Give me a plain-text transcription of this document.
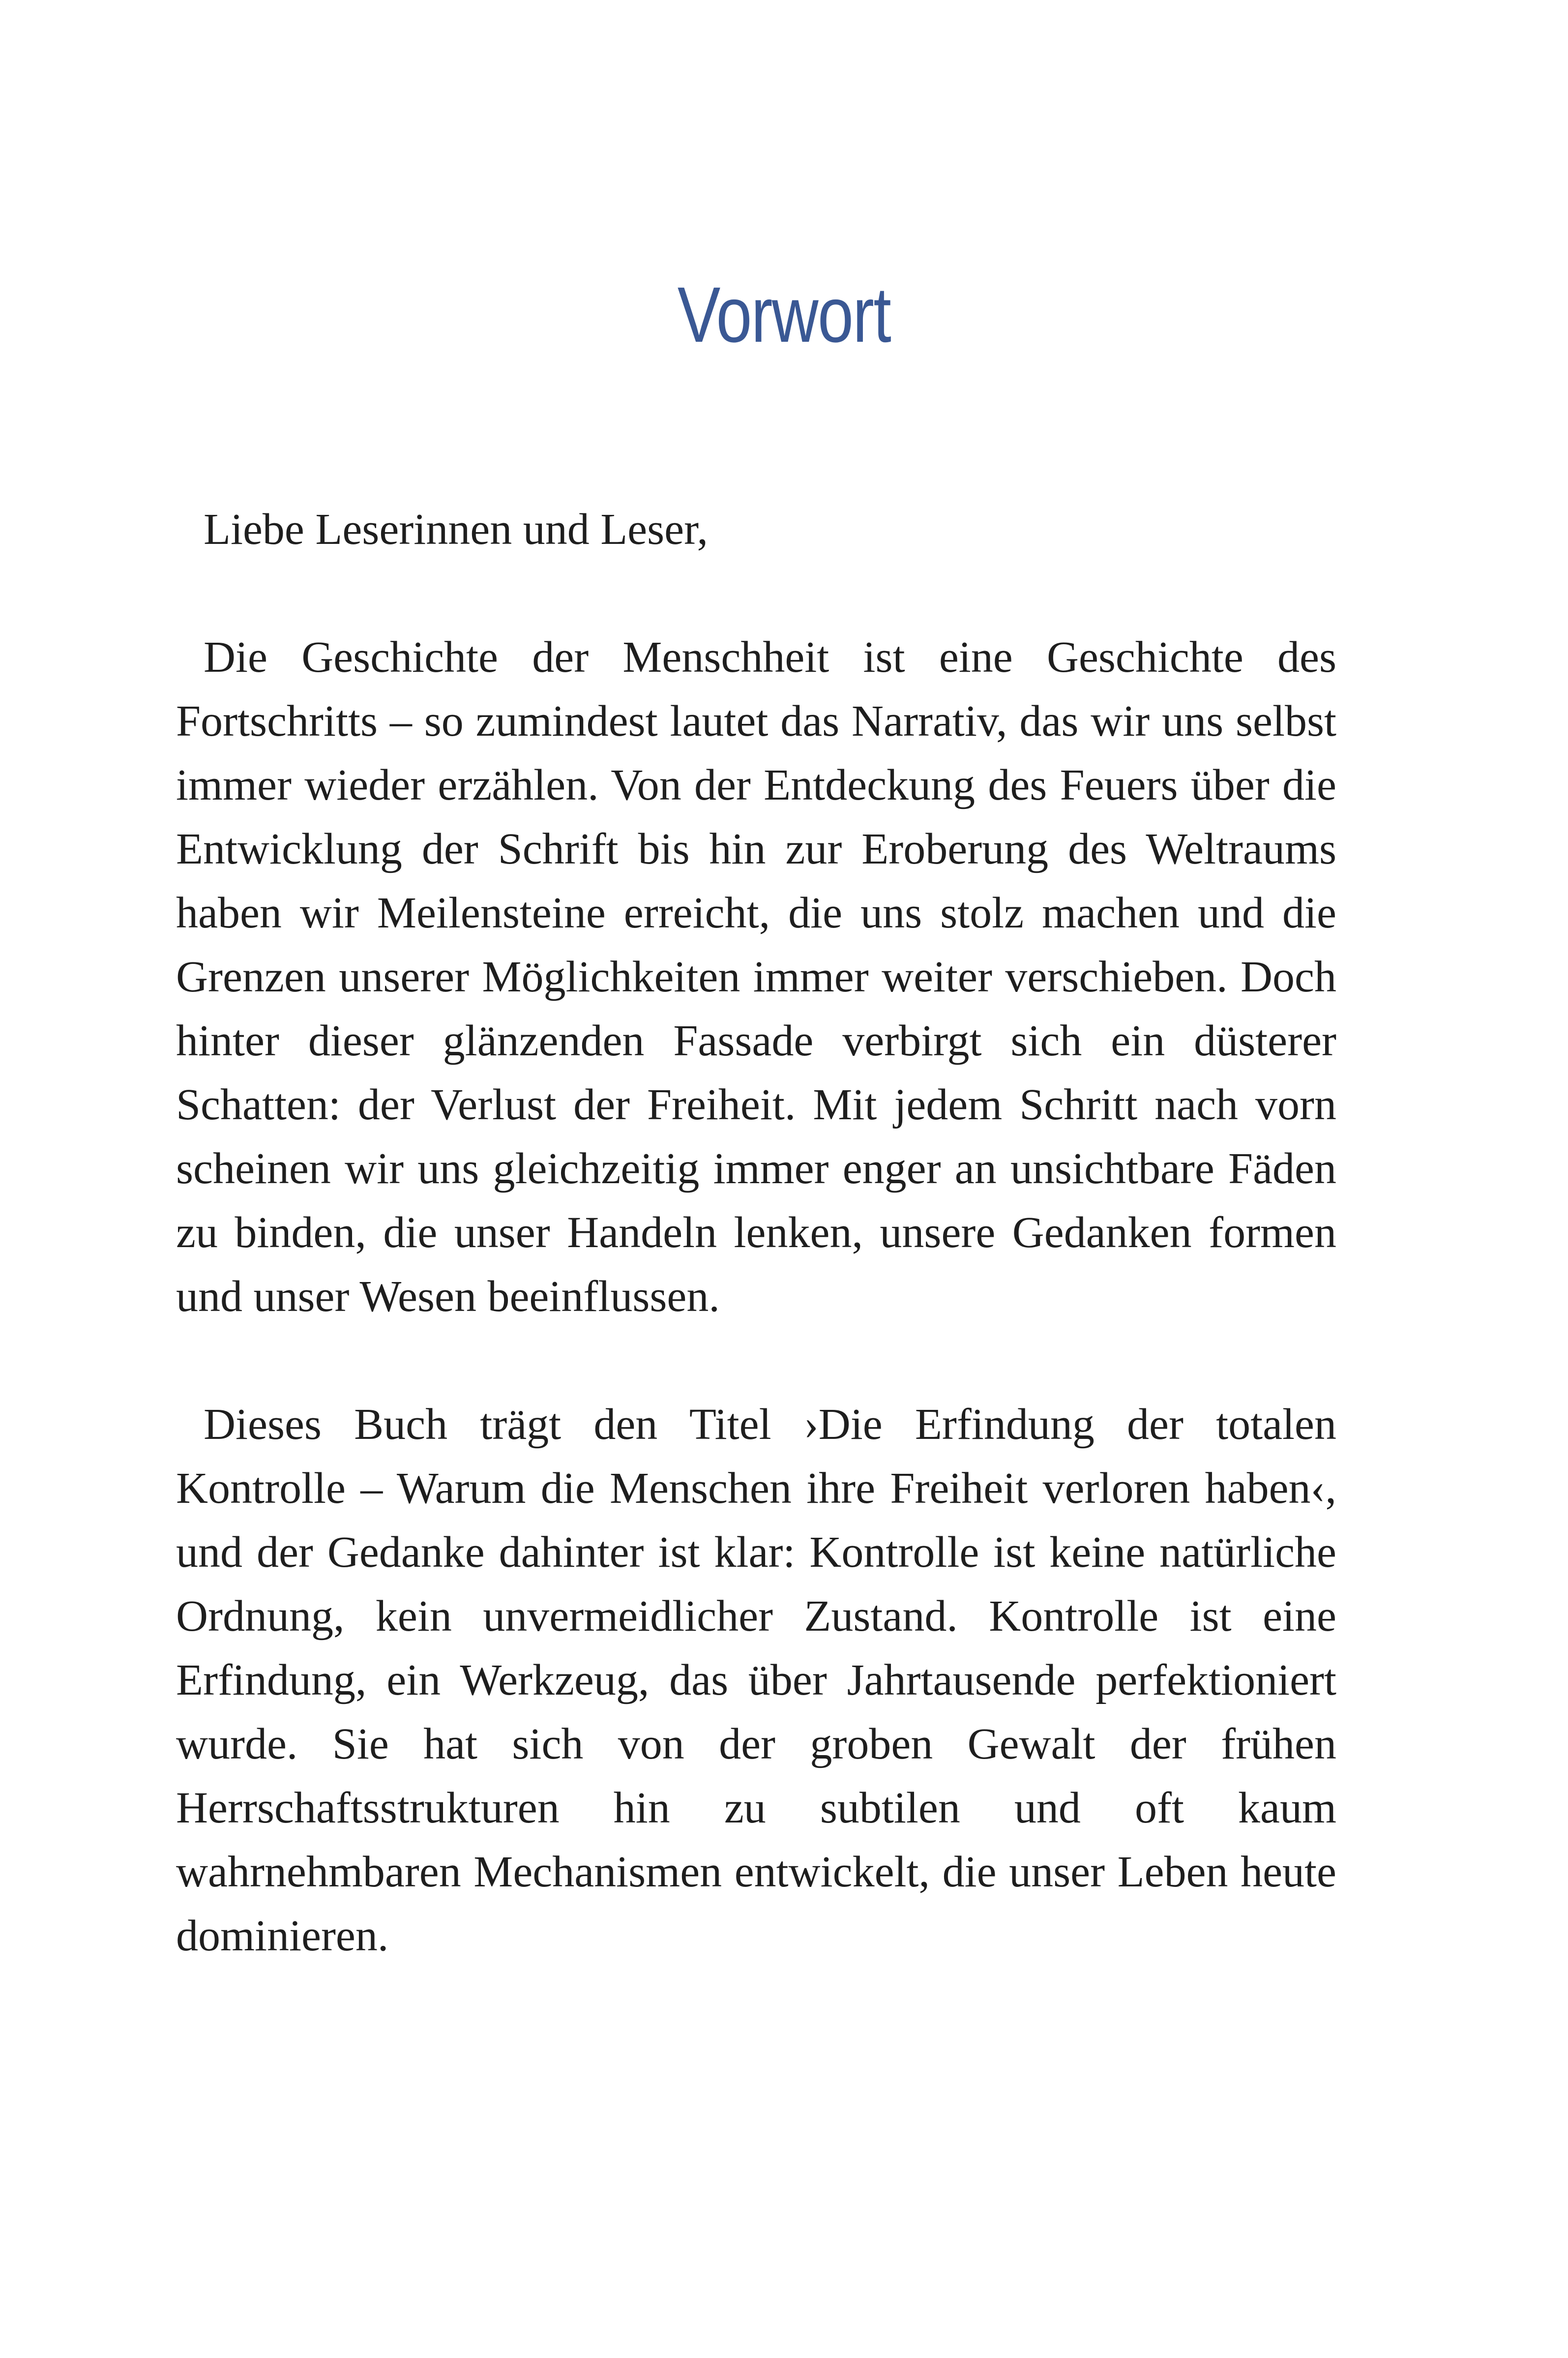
Vorwort

Liebe Leserinnen und Leser,

Die Geschichte der Menschheit ist eine Geschichte des Fortschritts – so zumindest lautet das Narrativ, das wir uns selbst immer wieder erzählen. Von der Entdeckung des Feuers über die Entwicklung der Schrift bis hin zur Eroberung des Weltraums haben wir Meilensteine erreicht, die uns stolz machen und die Grenzen unserer Möglichkeiten immer weiter verschieben. Doch hinter dieser glänzenden Fassade verbirgt sich ein düsterer Schatten: der Verlust der Freiheit. Mit jedem Schritt nach vorn scheinen wir uns gleichzeitig immer enger an unsichtbare Fäden zu binden, die unser Handeln lenken, unsere Gedanken formen und unser Wesen beeinflussen.

Dieses Buch trägt den Titel ›Die Erfindung der totalen Kontrolle – Warum die Menschen ihre Freiheit verloren haben‹, und der Gedanke dahinter ist klar: Kontrolle ist keine natürliche Ordnung, kein unvermeidlicher Zustand. Kontrolle ist eine Erfindung, ein Werkzeug, das über Jahrtausende perfektioniert wurde. Sie hat sich von der groben Gewalt der frühen Herrschaftsstrukturen hin zu subtilen und oft kaum wahrnehmbaren Mechanismen entwickelt, die unser Leben heute dominieren.
